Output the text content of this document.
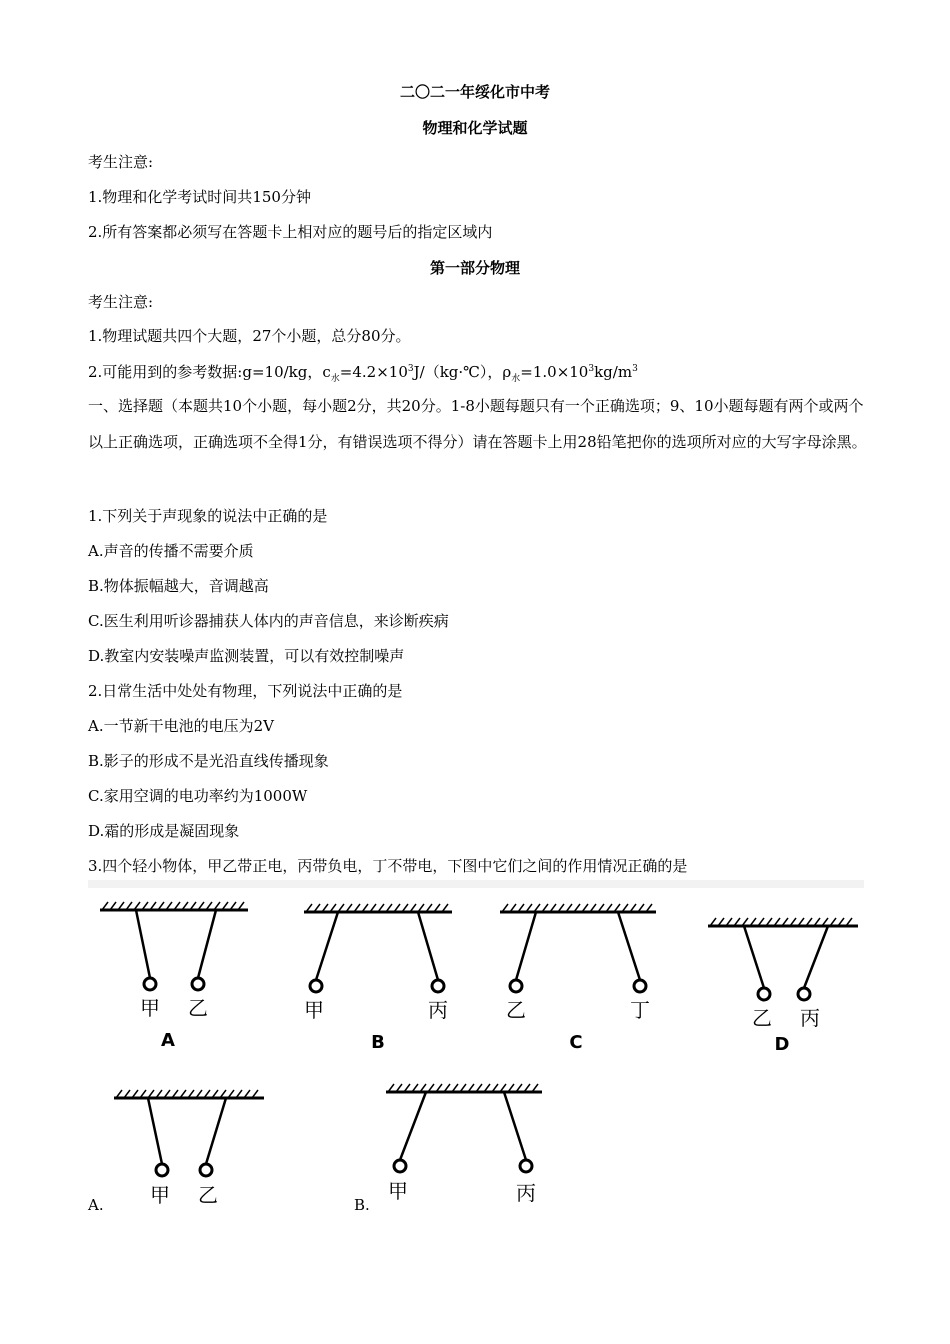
二〇二一年绥化市中考
物理和化学试题
考生注意:
1.物理和化学考试时间共150分钟
2.所有答案都必须写在答题卡上相对应的题号后的指定区域内
第一部分物理
考生注意:
1.物理试题共四个大题，27个小题，总分80分。
2.可能用到的参考数据:g=10/kg，$c_水=4.2\times 10^3J/(kg\cdot℃)$，$\rho_水=1.0\times 10^3kg/m^3$
一、选择题（本题共10个小题，每小题2分，共20分。1-8小题每题只有一个正确选项；9、10小题每题有两个或两个以上正确选项，正确选项不全得1分，有错误选项不得分）请在答题卡上用28铅笔把你的选项所对应的大写字母涂黑。
1.下列关于声现象的说法中正确的是
A.声音的传播不需要介质
B.物体振幅越大，音调越高
C.医生利用听诊器捕获人体内的声音信息，来诊断疾病
D.教室内安装噪声监测装置，可以有效控制噪声
2.日常生活中处处有物理，下列说法中正确的是
A.一节新干电池的电压为2V
B.影子的形成不是光沿直线传播现象
C.家用空调的电功率约为1000W
D.霜的形成是凝固现象
3.四个轻小物体，甲乙带正电，丙带负电，丁不带电，下图中它们之间的作用情况正确的是
甲 乙
A
甲	丙
B
乙	丁
C
乙 丙
D
A. 甲 乙	B.
甲	丙
